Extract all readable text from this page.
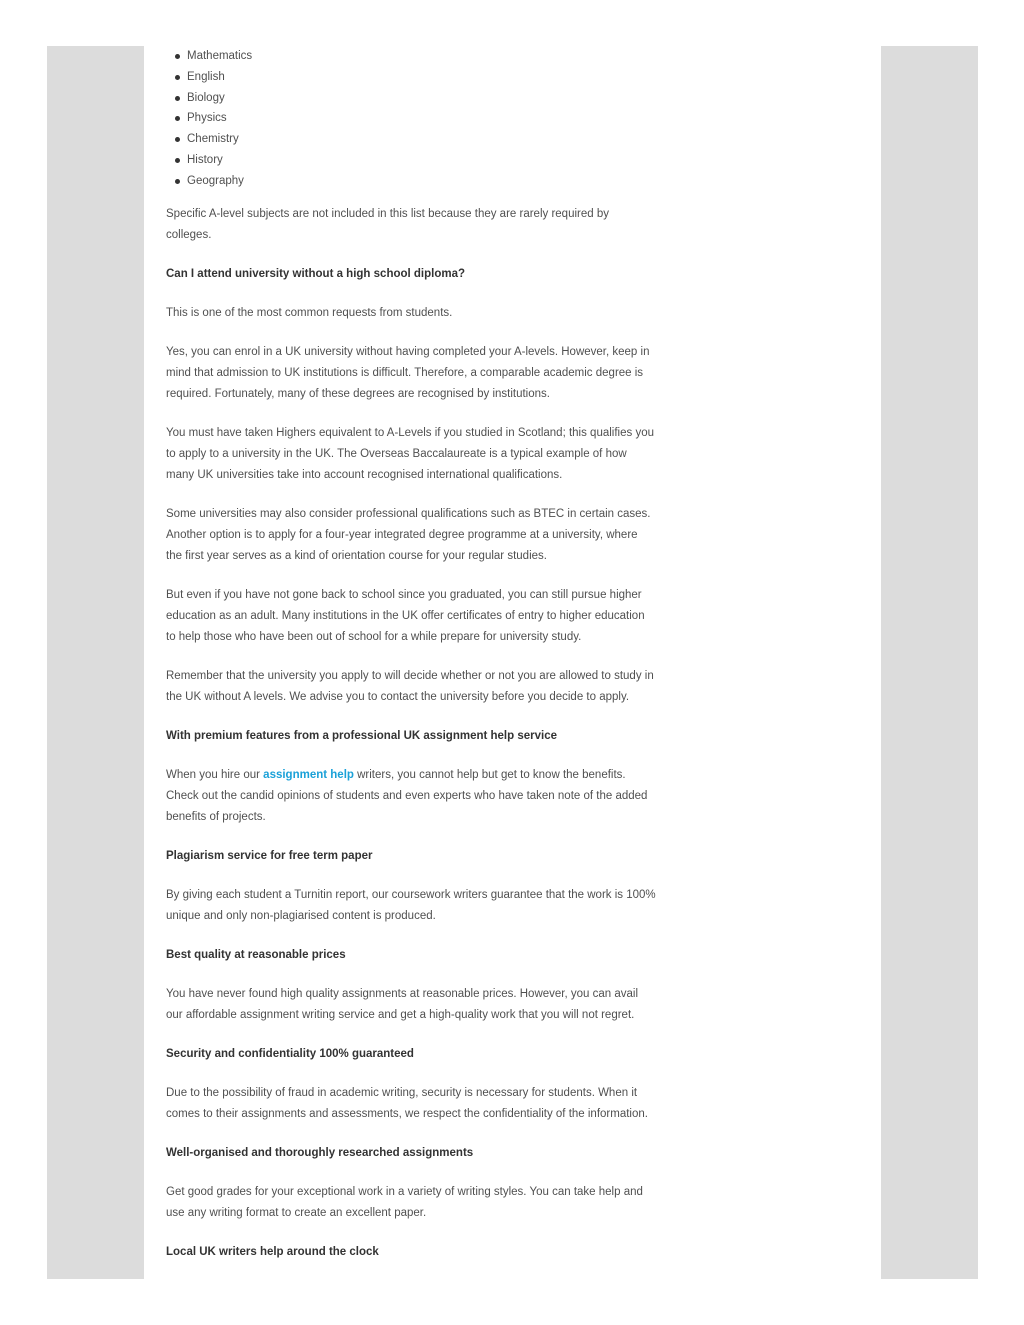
Mathematics
English
Biology
Physics
Chemistry
History
Geography

Specific A-level subjects are not included in this list because they are rarely required by colleges.

Can I attend university without a high school diploma?

This is one of the most common requests from students.

Yes, you can enrol in a UK university without having completed your A-levels. However, keep in mind that admission to UK institutions is difficult. Therefore, a comparable academic degree is required. Fortunately, many of these degrees are recognised by institutions.

You must have taken Highers equivalent to A-Levels if you studied in Scotland; this qualifies you to apply to a university in the UK. The Overseas Baccalaureate is a typical example of how many UK universities take into account recognised international qualifications.

Some universities may also consider professional qualifications such as BTEC in certain cases. Another option is to apply for a four-year integrated degree programme at a university, where the first year serves as a kind of orientation course for your regular studies.

But even if you have not gone back to school since you graduated, you can still pursue higher education as an adult. Many institutions in the UK offer certificates of entry to higher education to help those who have been out of school for a while prepare for university study.

Remember that the university you apply to will decide whether or not you are allowed to study in the UK without A levels. We advise you to contact the university before you decide to apply.

With premium features from a professional UK assignment help service

When you hire our assignment help writers, you cannot help but get to know the benefits. Check out the candid opinions of students and even experts who have taken note of the added benefits of projects.

Plagiarism service for free term paper

By giving each student a Turnitin report, our coursework writers guarantee that the work is 100% unique and only non-plagiarised content is produced.

Best quality at reasonable prices

You have never found high quality assignments at reasonable prices. However, you can avail our affordable assignment writing service and get a high-quality work that you will not regret.

Security and confidentiality 100% guaranteed

Due to the possibility of fraud in academic writing, security is necessary for students. When it comes to their assignments and assessments, we respect the confidentiality of the information.

Well-organised and thoroughly researched assignments

Get good grades for your exceptional work in a variety of writing styles. You can take help and use any writing format to create an excellent paper.

Local UK writers help around the clock
